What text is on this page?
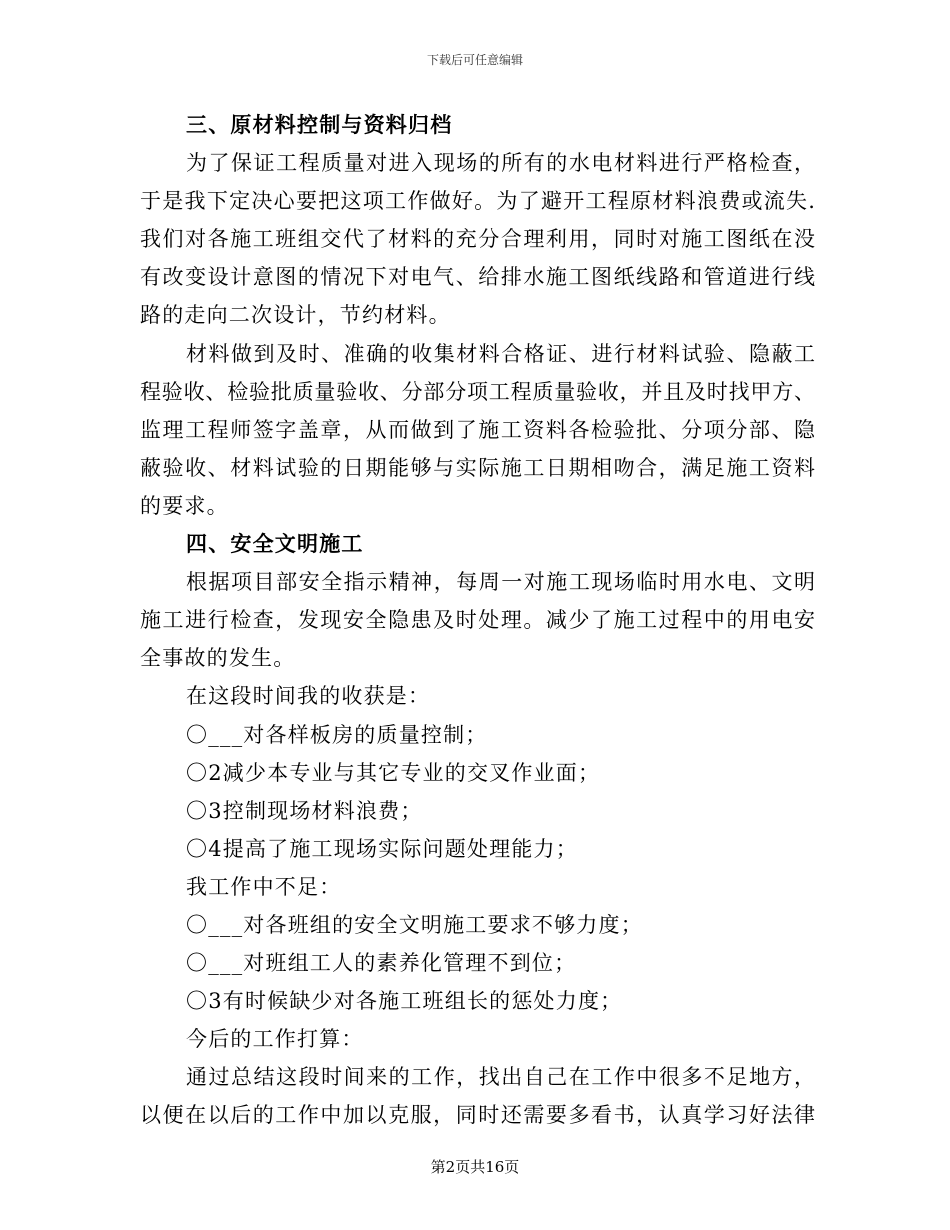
下载后可任意编辑
三、原材料控制与资料归档
为了保证工程质量对进入现场的所有的水电材料进行严格检查，
于是我下定决心要把这项工作做好。为了避开工程原材料浪费或流失.
我们对各施工班组交代了材料的充分合理利用，同时对施工图纸在没
有改变设计意图的情况下对电气、给排水施工图纸线路和管道进行线
路的走向二次设计，节约材料。
材料做到及时、准确的收集材料合格证、进行材料试验、隐蔽工
程验收、检验批质量验收、分部分项工程质量验收，并且及时找甲方、
监理工程师签字盖章，从而做到了施工资料各检验批、分项分部、隐
蔽验收、材料试验的日期能够与实际施工日期相吻合，满足施工资料
的要求。
四、安全文明施工
根据项目部安全指示精神，每周一对施工现场临时用水电、文明
施工进行检查，发现安全隐患及时处理。减少了施工过程中的用电安
全事故的发生。
在这段时间我的收获是：
〇___对各样板房的质量控制；
〇2减少本专业与其它专业的交叉作业面；
〇3控制现场材料浪费；
〇4提高了施工现场实际问题处理能力；
我工作中不足：
〇___对各班组的安全文明施工要求不够力度；
〇___对班组工人的素养化管理不到位；
〇3有时候缺少对各施工班组长的惩处力度；
今后的工作打算：
通过总结这段时间来的工作，找出自己在工作中很多不足地方，
以便在以后的工作中加以克服，同时还需要多看书，认真学习好法律
第2页共16页
